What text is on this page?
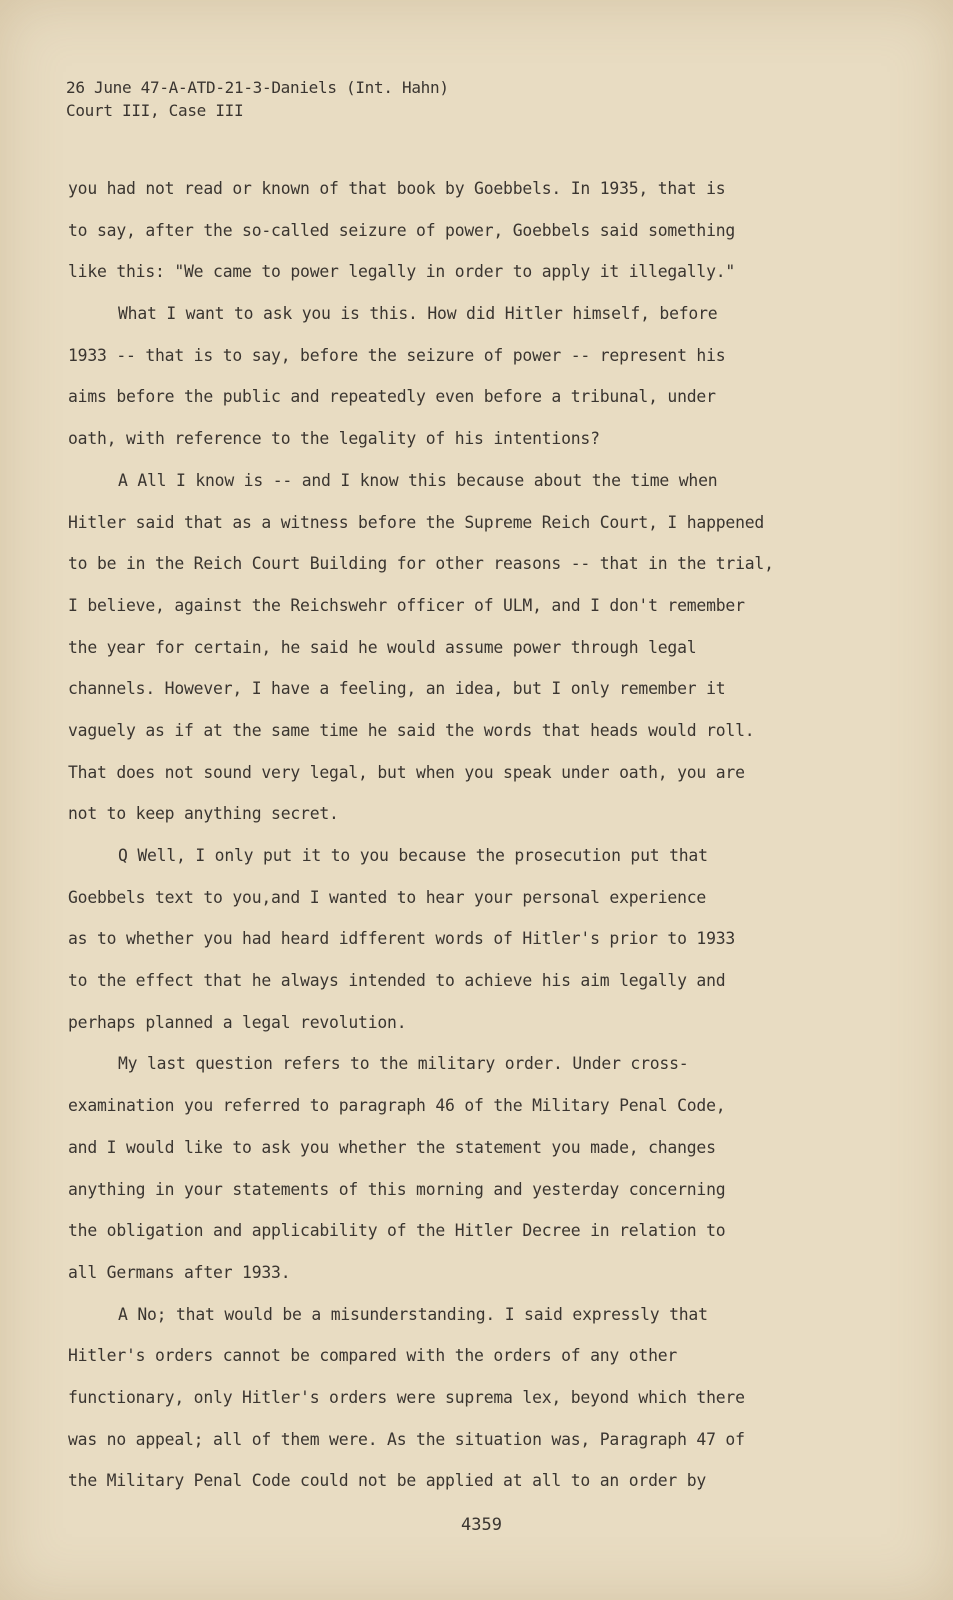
26 June 47-A-ATD-21-3-Daniels (Int. Hahn)
Court III, Case III
you had not read or known of that book by Goebbels. In 1935, that is
to say, after the so-called seizure of power, Goebbels said something
like this: "We came to power legally in order to apply it illegally."
What I want to ask you is this. How did Hitler himself, before
1933 -- that is to say, before the seizure of power -- represent his
aims before the public and repeatedly even before a tribunal, under
oath, with reference to the legality of his intentions?
A All I know is -- and I know this because about the time when
Hitler said that as a witness before the Supreme Reich Court, I happened
to be in the Reich Court Building for other reasons -- that in the trial,
I believe, against the Reichswehr officer of ULM, and I don't remember
the year for certain, he said he would assume power through legal
channels. However, I have a feeling, an idea, but I only remember it
vaguely as if at the same time he said the words that heads would roll.
That does not sound very legal, but when you speak under oath, you are
not to keep anything secret.
Q Well, I only put it to you because the prosecution put that
Goebbels text to you,and I wanted to hear your personal experience
as to whether you had heard idfferent words of Hitler's prior to 1933
to the effect that he always intended to achieve his aim legally and
perhaps planned a legal revolution.
My last question refers to the military order. Under cross-
examination you referred to paragraph 46 of the Military Penal Code,
and I would like to ask you whether the statement you made, changes
anything in your statements of this morning and yesterday concerning
the obligation and applicability of the Hitler Decree in relation to
all Germans after 1933.
A No; that would be a misunderstanding. I said expressly that
Hitler's orders cannot be compared with the orders of any other
functionary, only Hitler's orders were suprema lex, beyond which there
was no appeal; all of them were. As the situation was, Paragraph 47 of
the Military Penal Code could not be applied at all to an order by
4359
